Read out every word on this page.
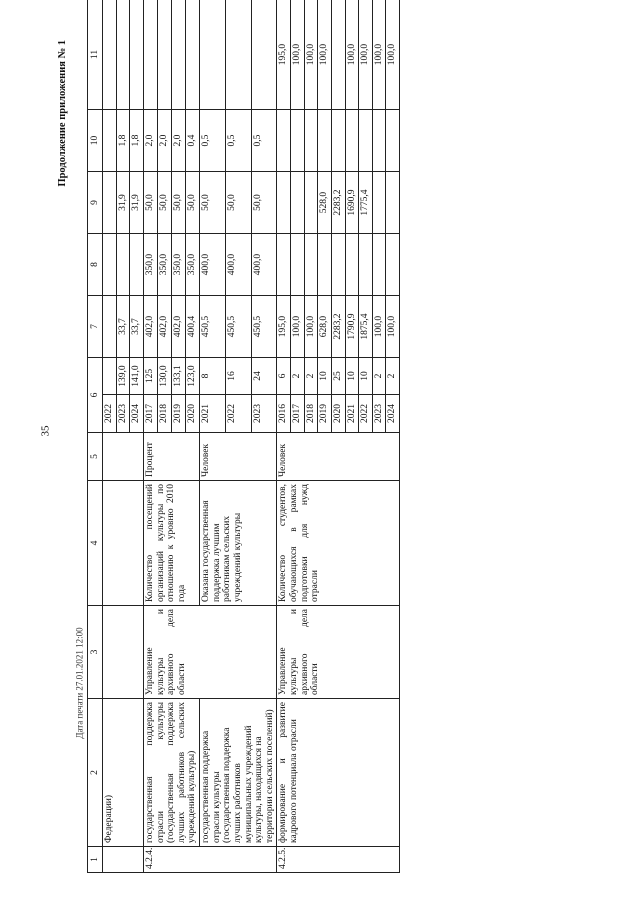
35
Дата печати 27.01.2021 12:00
Продолжение приложения № 1
1	2	3	4	5	6		7	8	9	10	11
	Федерации)				2022						
					2023	139,0	33,7		31,9	1,8	
					2024	141,0	33,7		31,9	1,8	
4.2.4.	государственная поддержка отрасли культуры (государственная поддержка лучших работников сельских учреждений культуры)	Управление культуры и архивного дела области	Количество посещений организаций культуры по отношению к уровню 2010 года	Процент	2017	125	402,0	350,0	50,0	2,0	
					2018	130,0	402,0	350,0	50,0	2,0	
					2019	133,1	402,0	350,0	50,0	2,0	
					2020	123,0	400,4	350,0	50,0	0,4	
	государственная поддержка отрасли культуры (государственная поддержка лучших работников муниципальных учреждений культуры, находящихся на территории сельских поселений)		Оказана государственная поддержка лучшим работникам сельских учреждений культуры	Человек	2021	8	450,5	400,0	50,0	0,5	
					2022	16	450,5	400,0	50,0	0,5	
					2023	24	450,5	400,0	50,0	0,5	
4.2.5.	формирование и развитие кадрового потенциала отрасли	Управление культуры и архивного дела области	Количество студентов, обучающихся в рамках подготовки для нужд отрасли	Человек	2016	6	195,0				195,0
					2017	2	100,0				100,0
					2018	2	100,0				100,0
					2019	10	628,0		528,0		100,0
					2020	25	2283,2		2283,2		
					2021	10	1790,9		1690,9		100,0
					2022	10	1875,4		1775,4		100,0
					2023	2	100,0				100,0
					2024	2	100,0				100,0
